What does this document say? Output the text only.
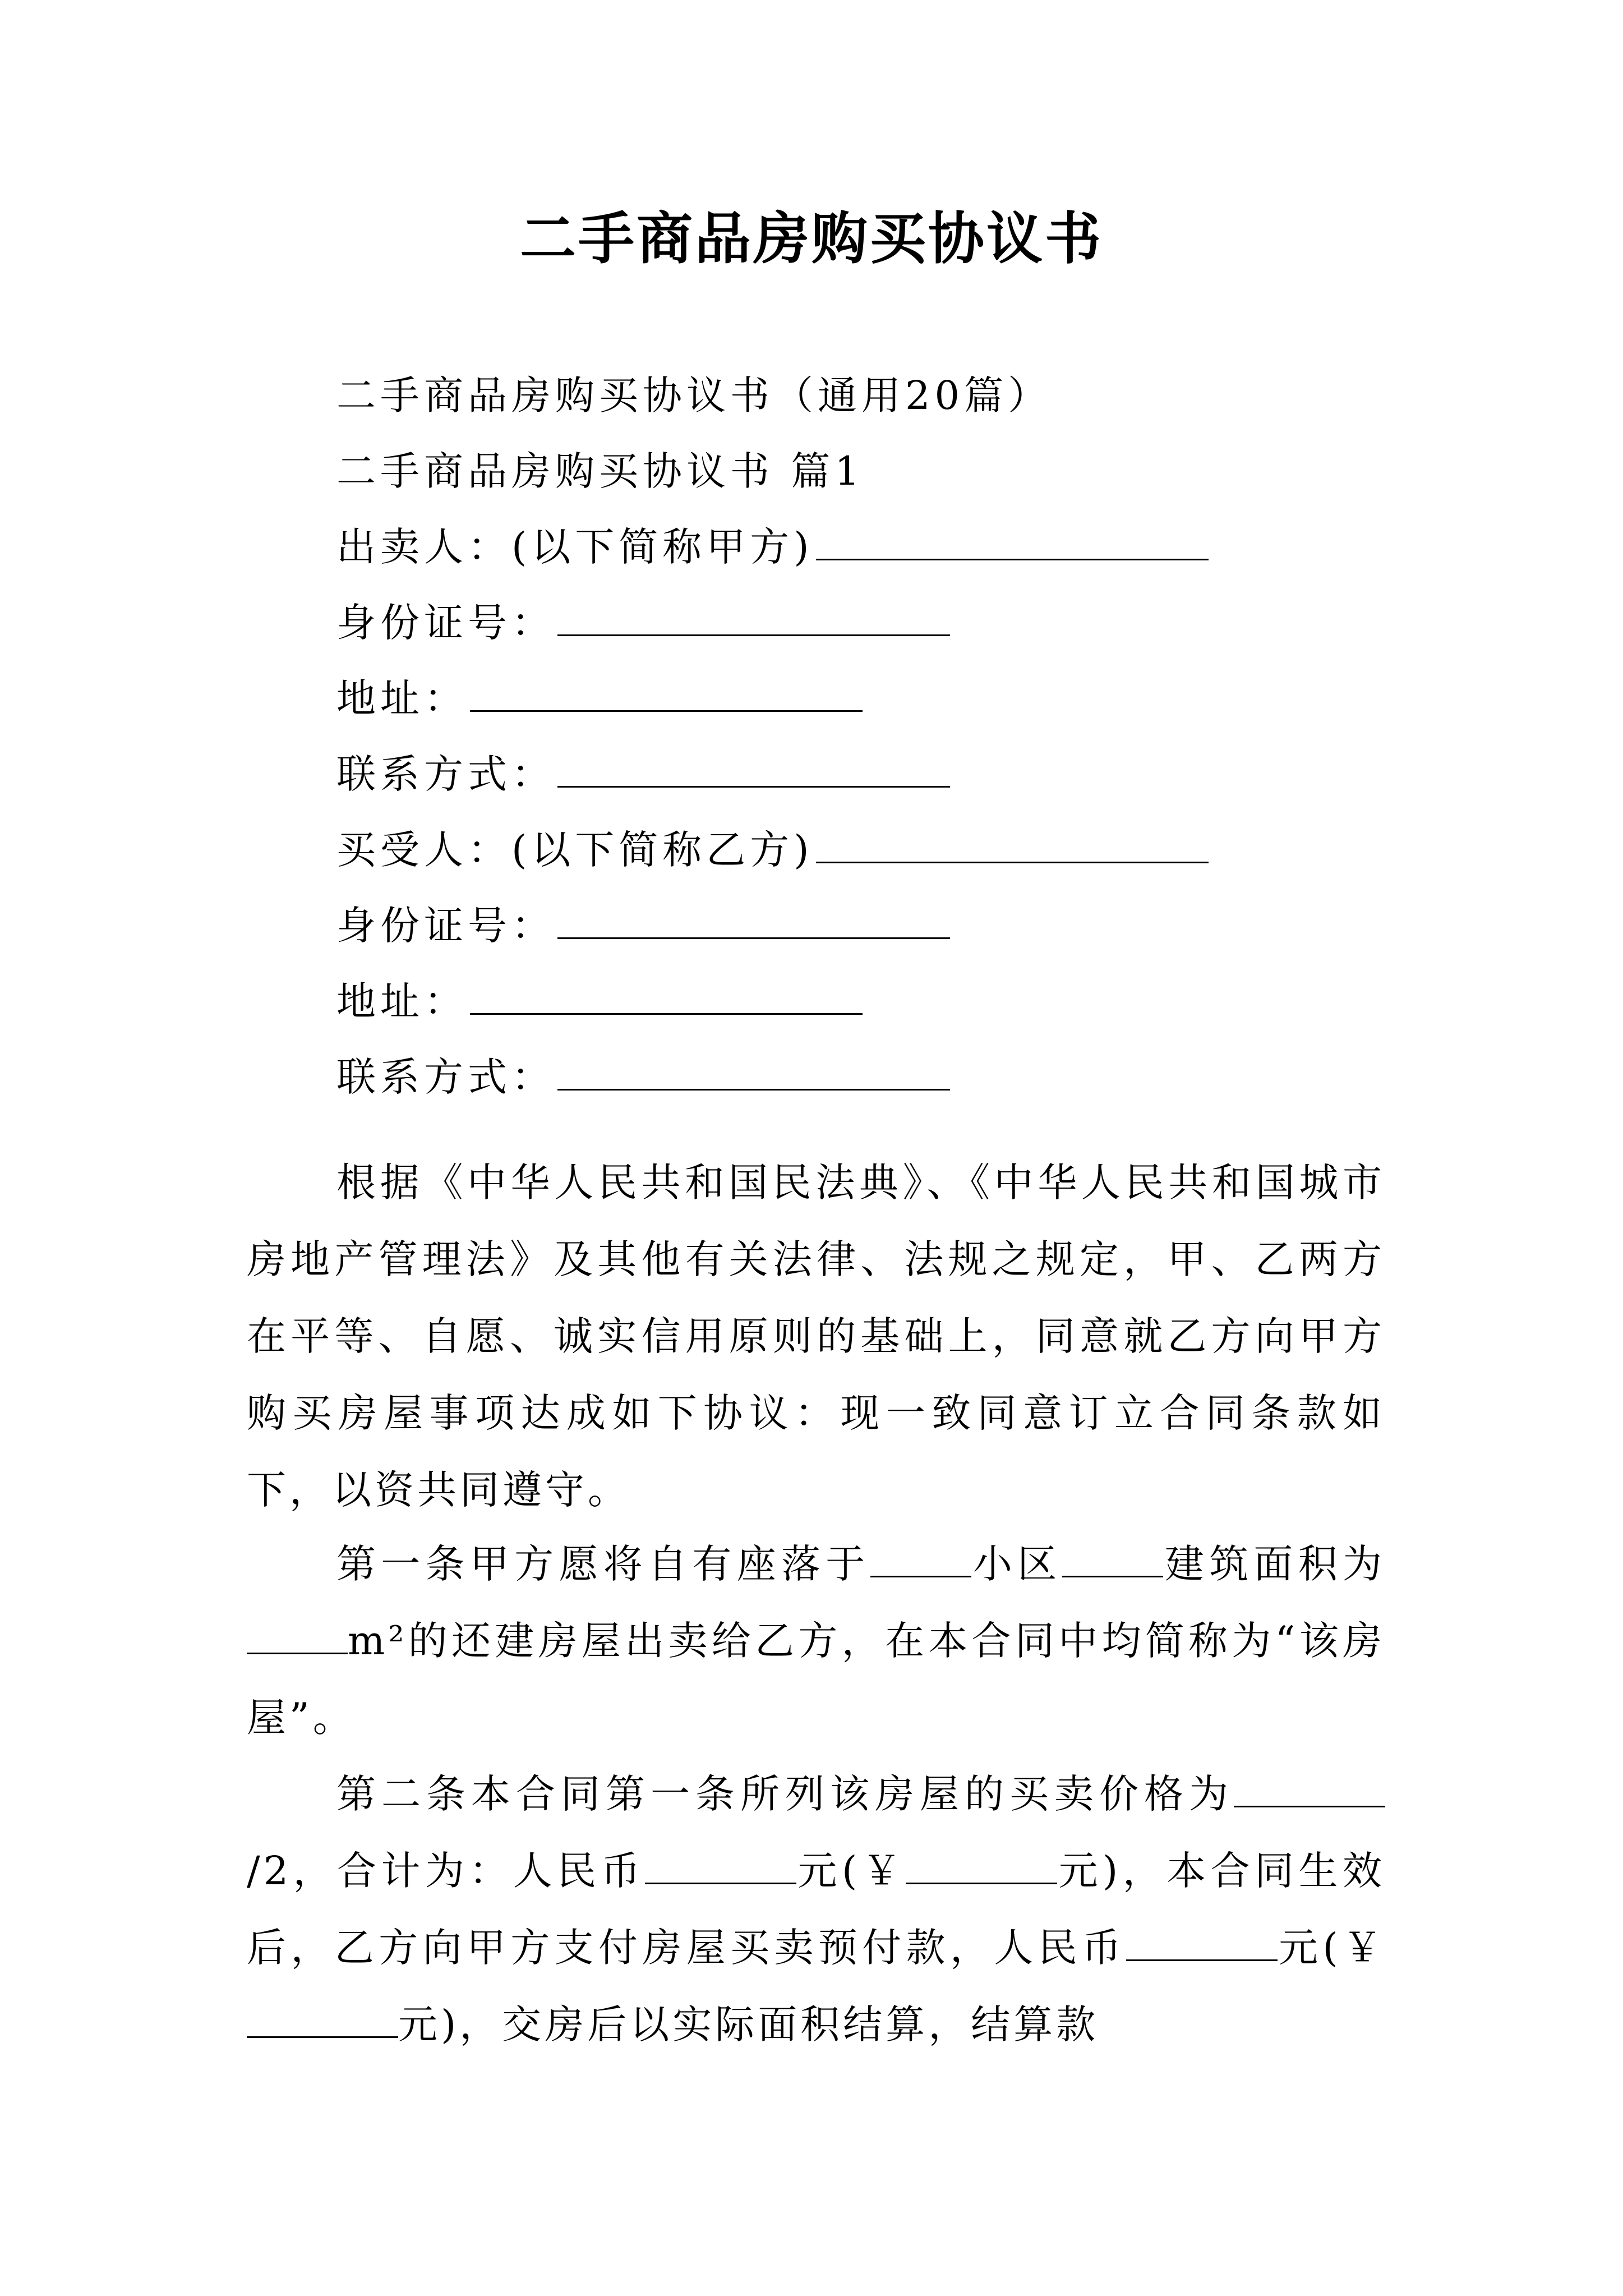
二手商品房购买协议书
二手商品房购买协议书（通用20篇）
二手商品房购买协议书 篇1
出卖人：(以下简称甲方)
身份证号：
地址：
联系方式：
买受人：(以下简称乙方)
身份证号：
地址：
联系方式：
根据《中华人民共和国民法典》、《中华人民共和国城市房地产管理法》及其他有关法律、法规之规定，甲、乙两方在平等、自愿、诚实信用原则的基础上，同意就乙方向甲方购买房屋事项达成如下协议：现一致同意订立合同条款如下，以资共同遵守。
第一条甲方愿将自有座落于	小区	建筑面积为m²的还建房屋出卖给乙方，在本合同中均简称为“该房屋”。
第二条本合同第一条所列该房屋的买卖价格为/2，合计为：人民币	元(￥	元)，本合同生效后，乙方向甲方支付房屋买卖预付款，人民币	元(￥元)，交房后以实际面积结算，结算款
